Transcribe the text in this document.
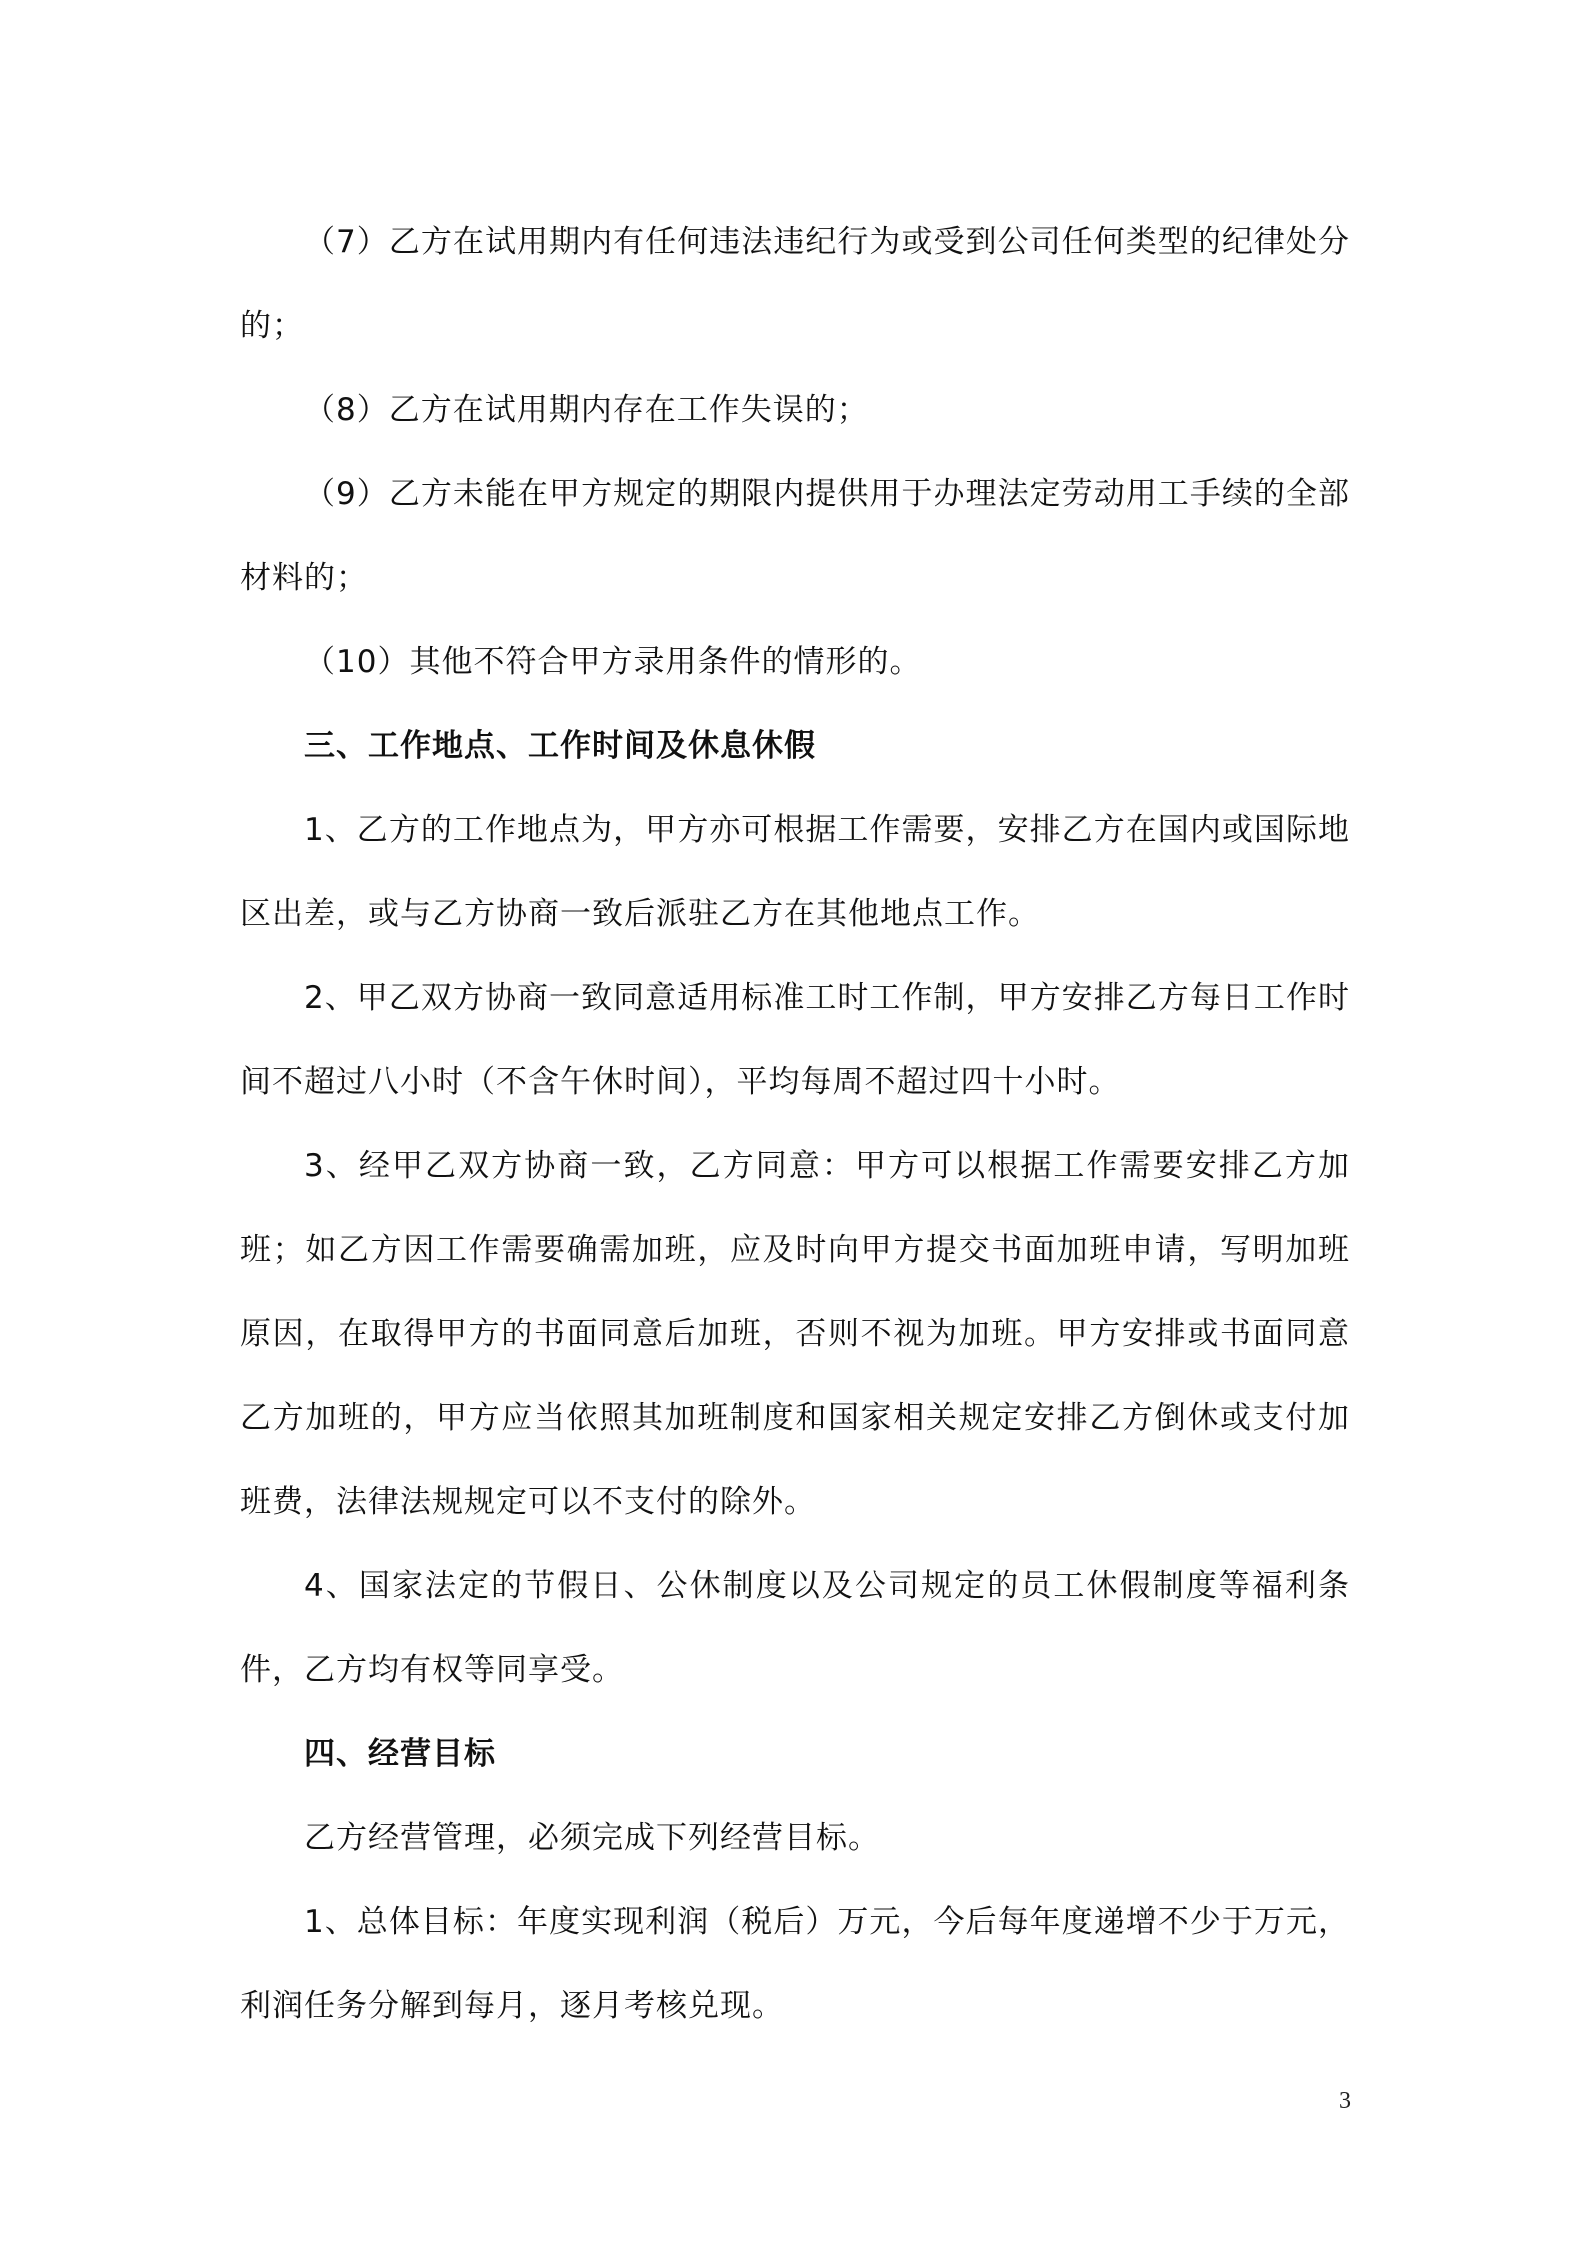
（7）乙方在试用期内有任何违法违纪行为或受到公司任何类型的纪律处分的；

（8）乙方在试用期内存在工作失误的；

（9）乙方未能在甲方规定的期限内提供用于办理法定劳动用工手续的全部材料的；

（10）其他不符合甲方录用条件的情形的。

三、工作地点、工作时间及休息休假

1、乙方的工作地点为，甲方亦可根据工作需要，安排乙方在国内或国际地区出差，或与乙方协商一致后派驻乙方在其他地点工作。

2、甲乙双方协商一致同意适用标准工时工作制，甲方安排乙方每日工作时间不超过八小时（不含午休时间），平均每周不超过四十小时。

3、经甲乙双方协商一致，乙方同意：甲方可以根据工作需要安排乙方加班；如乙方因工作需要确需加班，应及时向甲方提交书面加班申请，写明加班原因，在取得甲方的书面同意后加班，否则不视为加班。甲方安排或书面同意乙方加班的，甲方应当依照其加班制度和国家相关规定安排乙方倒休或支付加班费，法律法规规定可以不支付的除外。

4、国家法定的节假日、公休制度以及公司规定的员工休假制度等福利条件，乙方均有权等同享受。

四、经营目标

乙方经营管理，必须完成下列经营目标。

1、总体目标：年度实现利润（税后）万元，今后每年度递增不少于万元，利润任务分解到每月，逐月考核兑现。

3
